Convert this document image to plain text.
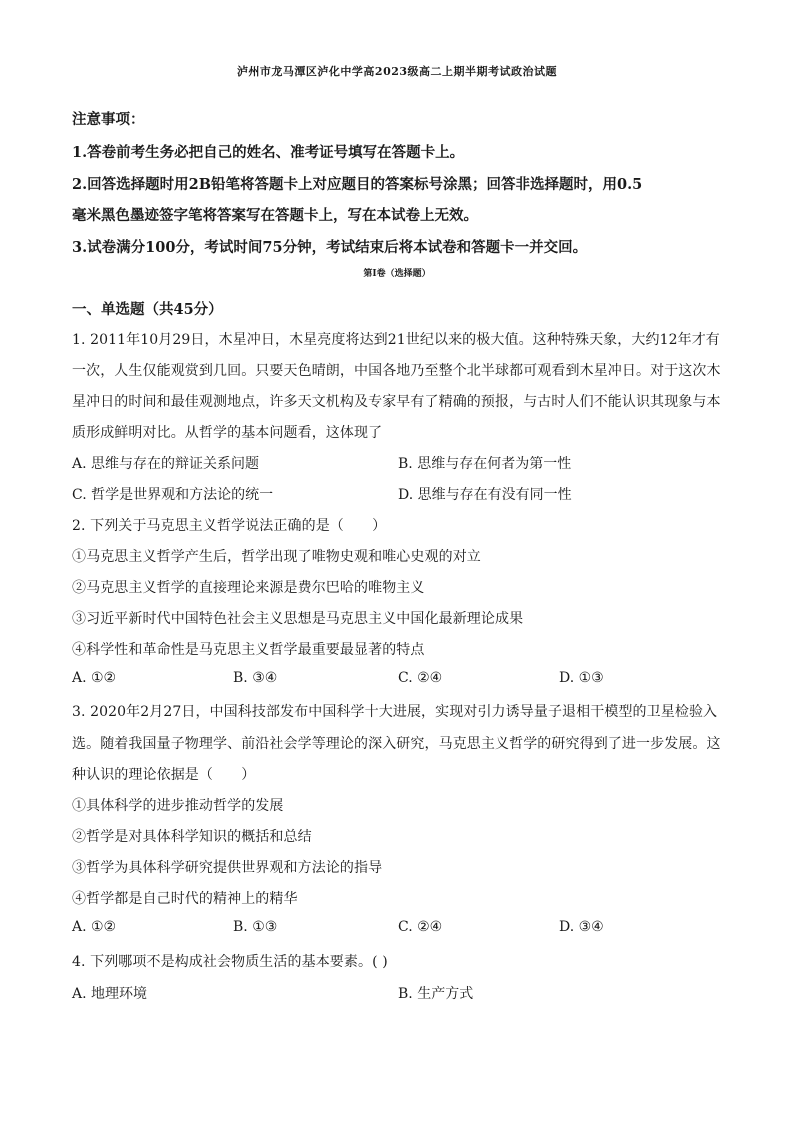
泸州市龙马潭区泸化中学高2023级高二上期半期考试政治试题
注意事项：
1.答卷前考生务必把自己的姓名、准考证号填写在答题卡上。
2.回答选择题时用2B铅笔将答题卡上对应题目的答案标号涂黑；回答非选择题时，用0.5
毫米黑色墨迹签字笔将答案写在答题卡上，写在本试卷上无效。
3.试卷满分100分，考试时间75分钟，考试结束后将本试卷和答题卡一并交回。
第Ⅰ卷（选择题）
一、单选题（共45分）
1. 2011年10月29日，木星冲日，木星亮度将达到21世纪以来的极大值。这种特殊天象，大约12年才有
一次，人生仅能观赏到几回。只要天色晴朗，中国各地乃至整个北半球都可观看到木星冲日。对于这次木
星冲日的时间和最佳观测地点，许多天文机构及专家早有了精确的预报，与古时人们不能认识其现象与本
质形成鲜明对比。从哲学的基本问题看，这体现了
A. 思维与存在的辩证关系问题	B. 思维与存在何者为第一性
C. 哲学是世界观和方法论的统一	D. 思维与存在有没有同一性
2. 下列关于马克思主义哲学说法正确的是（　　）
①马克思主义哲学产生后，哲学出现了唯物史观和唯心史观的对立
②马克思主义哲学的直接理论来源是费尔巴哈的唯物主义
③习近平新时代中国特色社会主义思想是马克思主义中国化最新理论成果
④科学性和革命性是马克思主义哲学最重要最显著的特点
A. ①②	B. ③④	C. ②④	D. ①③
3. 2020年2月27日，中国科技部发布中国科学十大进展，实现对引力诱导量子退相干模型的卫星检验入
选。随着我国量子物理学、前沿社会学等理论的深入研究，马克思主义哲学的研究得到了进一步发展。这
种认识的理论依据是（　　）
①具体科学的进步推动哲学的发展
②哲学是对具体科学知识的概括和总结
③哲学为具体科学研究提供世界观和方法论的指导
④哲学都是自己时代的精神上的精华
A. ①②	B. ①③	C. ②④	D. ③④
4. 下列哪项不是构成社会物质生活的基本要素。( )
A. 地理环境	B. 生产方式
